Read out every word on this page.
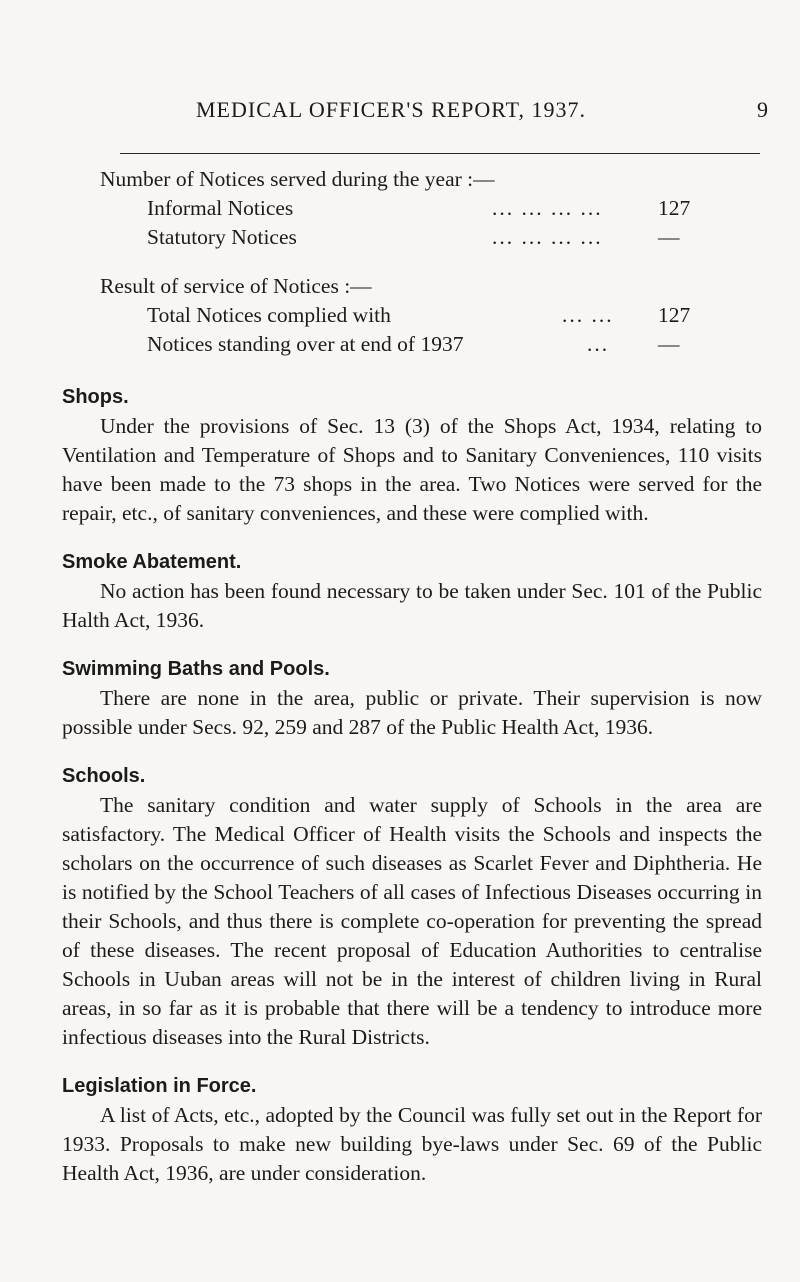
MEDICAL OFFICER'S REPORT, 1937.	9

Number of Notices served during the year :—

Informal Notices	... ... ... ...	127
Statutory Notices	... ... ... ...	—

Result of service of Notices :—

Total Notices complied with	... ... 127
Notices standing over at end of 1937	... —
Shops.

Under the provisions of Sec. 13 (3) of the Shops Act, 1934, relating to Ventilation and Temperature of Shops and to Sanitary Conveniences, 110 visits have been made to the 73 shops in the area. Two Notices were served for the repair, etc., of sanitary conveniences, and these were complied with.

Smoke Abatement.

No action has been found necessary to be taken under Sec. 101 of the Public Halth Act, 1936.

Swimming Baths and Pools.

There are none in the area, public or private. Their supervision is now possible under Secs. 92, 259 and 287 of the Public Health Act, 1936.

Schools.

The sanitary condition and water supply of Schools in the area are satisfactory. The Medical Officer of Health visits the Schools and inspects the scholars on the occurrence of such diseases as Scarlet Fever and Diphtheria. He is notified by the School Teachers of all cases of Infectious Diseases occurring in their Schools, and thus there is complete co-operation for preventing the spread of these diseases. The recent proposal of Education Authorities to centralise Schools in Uuban areas will not be in the interest of children living in Rural areas, in so far as it is probable that there will be a tendency to introduce more infectious diseases into the Rural Districts.

Legislation in Force.

A list of Acts, etc., adopted by the Council was fully set out in the Report for 1933. Proposals to make new building bye-laws under Sec. 69 of the Public Health Act, 1936, are under consideration.
